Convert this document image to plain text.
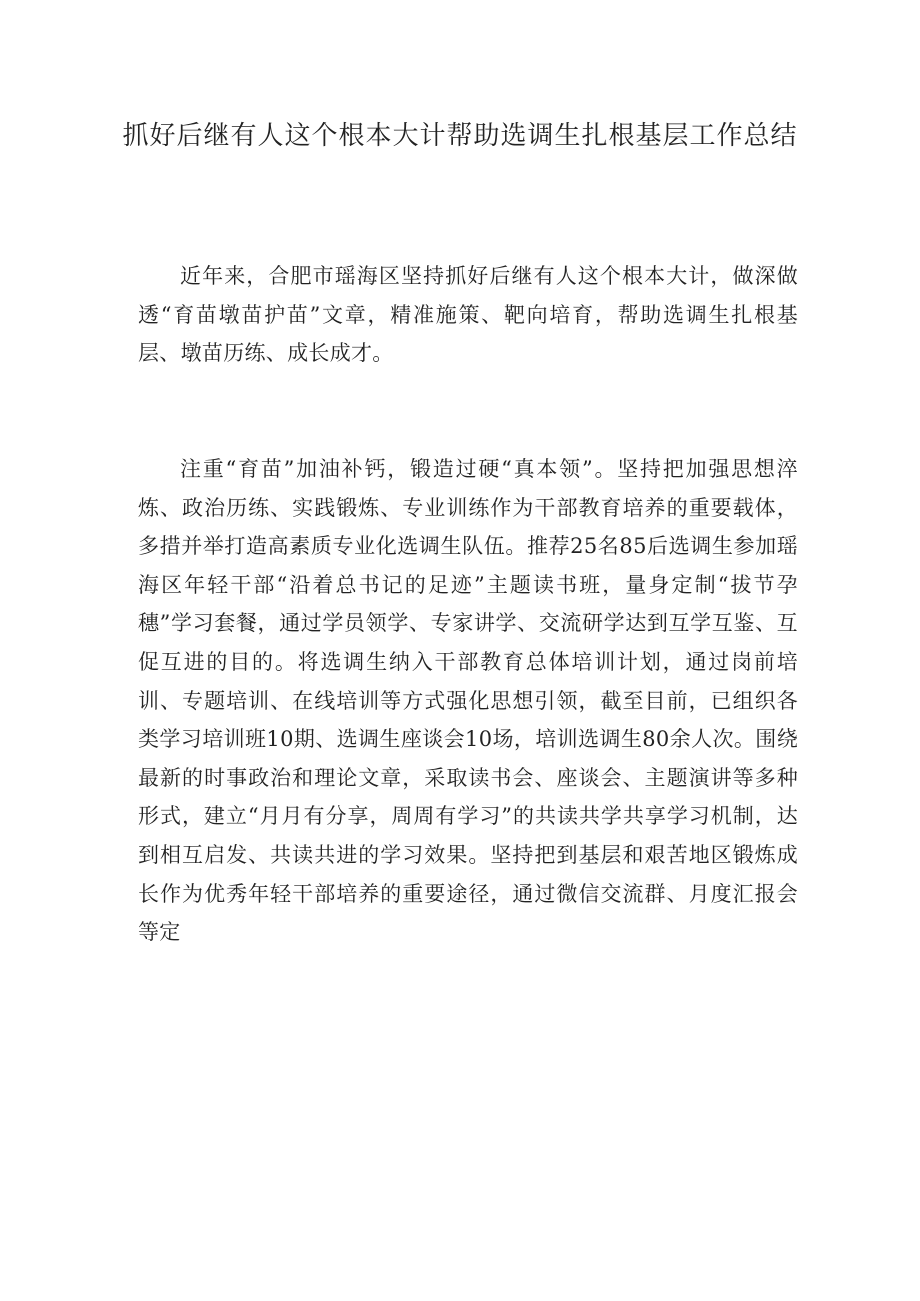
抓好后继有人这个根本大计帮助选调生扎根基层工作总结

近年来，合肥市瑶海区坚持抓好后继有人这个根本大计，做深做透“育苗墩苗护苗”文章，精准施策、靶向培育，帮助选调生扎根基层、墩苗历练、成长成才。

注重“育苗”加油补钙，锻造过硬“真本领”。坚持把加强思想淬炼、政治历练、实践锻炼、专业训练作为干部教育培养的重要载体，多措并举打造高素质专业化选调生队伍。推荐25名85后选调生参加瑶海区年轻干部“沿着总书记的足迹”主题读书班，量身定制“拔节孕穗”学习套餐，通过学员领学、专家讲学、交流研学达到互学互鉴、互促互进的目的。将选调生纳入干部教育总体培训计划，通过岗前培训、专题培训、在线培训等方式强化思想引领，截至目前，已组织各类学习培训班10期、选调生座谈会10场，培训选调生80余人次。围绕最新的时事政治和理论文章，采取读书会、座谈会、主题演讲等多种形式，建立“月月有分享，周周有学习”的共读共学共享学习机制，达到相互启发、共读共进的学习效果。坚持把到基层和艰苦地区锻炼成长作为优秀年轻干部培养的重要途径，通过微信交流群、月度汇报会等定
